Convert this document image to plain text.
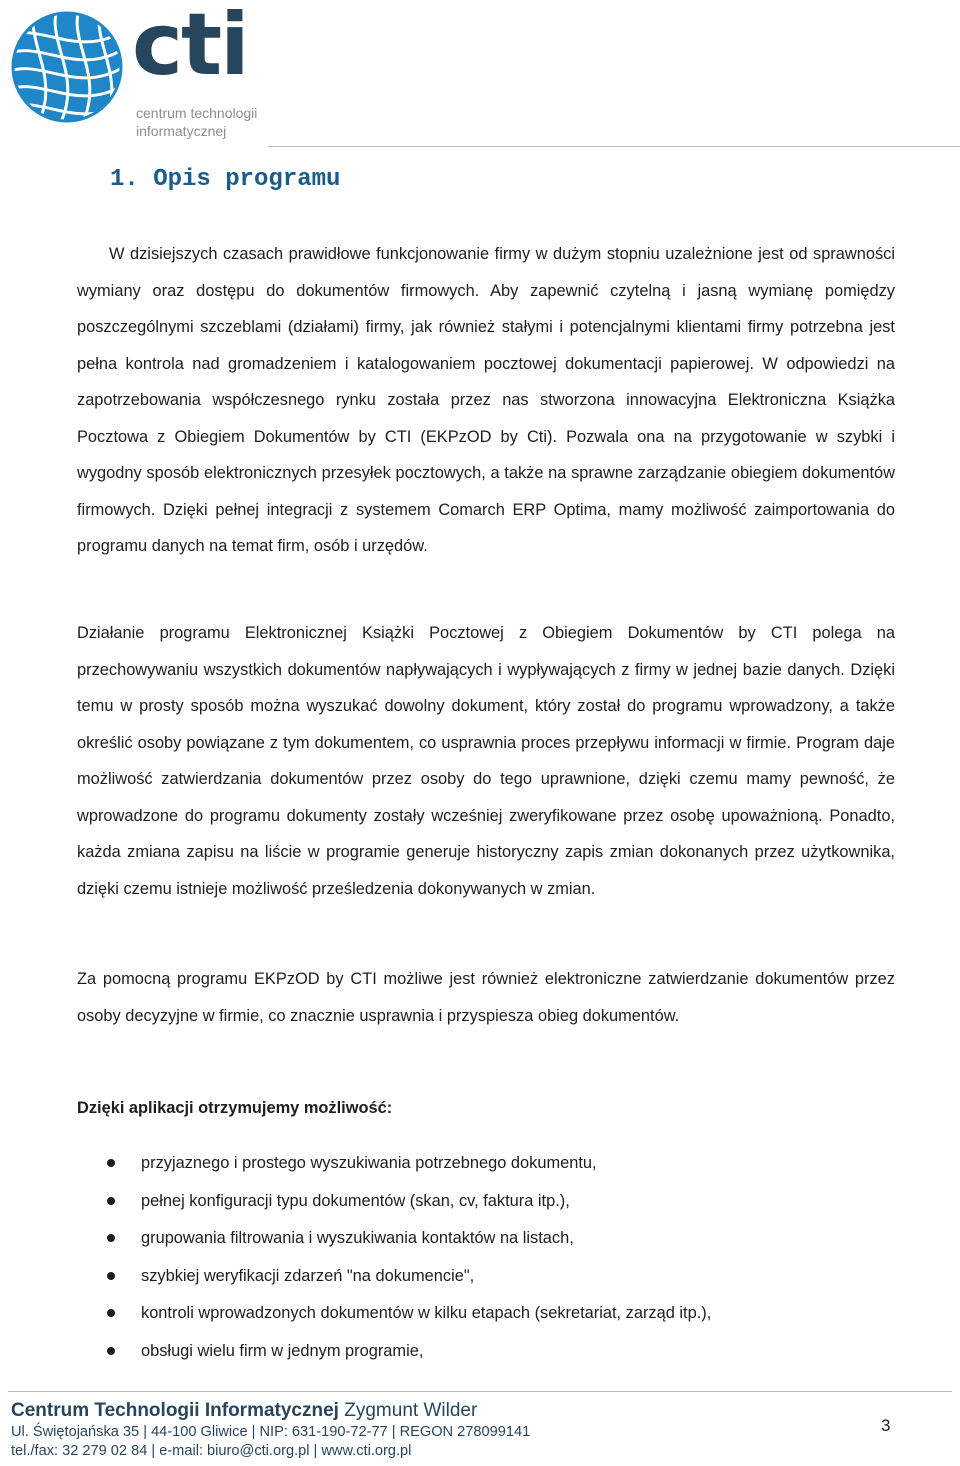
cti
centrum technologii informatycznej
1. Opis programu

W dzisiejszych czasach prawidłowe funkcjonowanie firmy w dużym stopniu uzależnione jest od sprawności wymiany oraz dostępu do dokumentów firmowych. Aby zapewnić czytelną i jasną wymianę pomiędzy poszczególnymi szczeblami (działami) firmy, jak również stałymi i potencjalnymi klientami firmy potrzebna jest pełna kontrola nad gromadzeniem i katalogowaniem pocztowej dokumentacji papierowej. W odpowiedzi na zapotrzebowania współczesnego rynku została przez nas stworzona innowacyjna Elektroniczna Książka Pocztowa z Obiegiem Dokumentów by CTI (EKPzOD by Cti). Pozwala ona na przygotowanie w szybki i wygodny sposób elektronicznych przesyłek pocztowych, a także na sprawne zarządzanie obiegiem dokumentów firmowych. Dzięki pełnej integracji z systemem Comarch ERP Optima, mamy możliwość zaimportowania do programu danych na temat firm, osób i urzędów.

Działanie programu Elektronicznej Książki Pocztowej z Obiegiem Dokumentów by CTI polega na przechowywaniu wszystkich dokumentów napływających i wypływających z firmy w jednej bazie danych. Dzięki temu w prosty sposób można wyszukać dowolny dokument, który został do programu wprowadzony, a także określić osoby powiązane z tym dokumentem, co usprawnia proces przepływu informacji w firmie. Program daje możliwość zatwierdzania dokumentów przez osoby do tego uprawnione, dzięki czemu mamy pewność, że wprowadzone do programu dokumenty zostały wcześniej zweryfikowane przez osobę upoważnioną. Ponadto, każda zmiana zapisu na liście w programie generuje historyczny zapis zmian dokonanych przez użytkownika, dzięki czemu istnieje możliwość prześledzenia dokonywanych w zmian.

Za pomocną programu EKPzOD by CTI możliwe jest również elektroniczne zatwierdzanie dokumentów przez osoby decyzyjne w firmie, co znacznie usprawnia i przyspiesza obieg dokumentów.

Dzięki aplikacji otrzymujemy możliwość:
przyjaznego i prostego wyszukiwania potrzebnego dokumentu,
pełnej konfiguracji typu dokumentów (skan, cv, faktura itp.),
grupowania filtrowania i wyszukiwania kontaktów na listach,
szybkiej weryfikacji zdarzeń "na dokumencie",
kontroli wprowadzonych dokumentów w kilku etapach (sekretariat, zarząd itp.),
obsługi wielu firm w jednym programie,
Centrum Technologii Informatycznej Zygmunt Wilder
Ul. Świętojańska 35 | 44-100 Gliwice | NIP: 631-190-72-77 | REGON 278099141
tel./fax: 32 279 02 84 | e-mail: biuro@cti.org.pl | www.cti.org.pl
3
